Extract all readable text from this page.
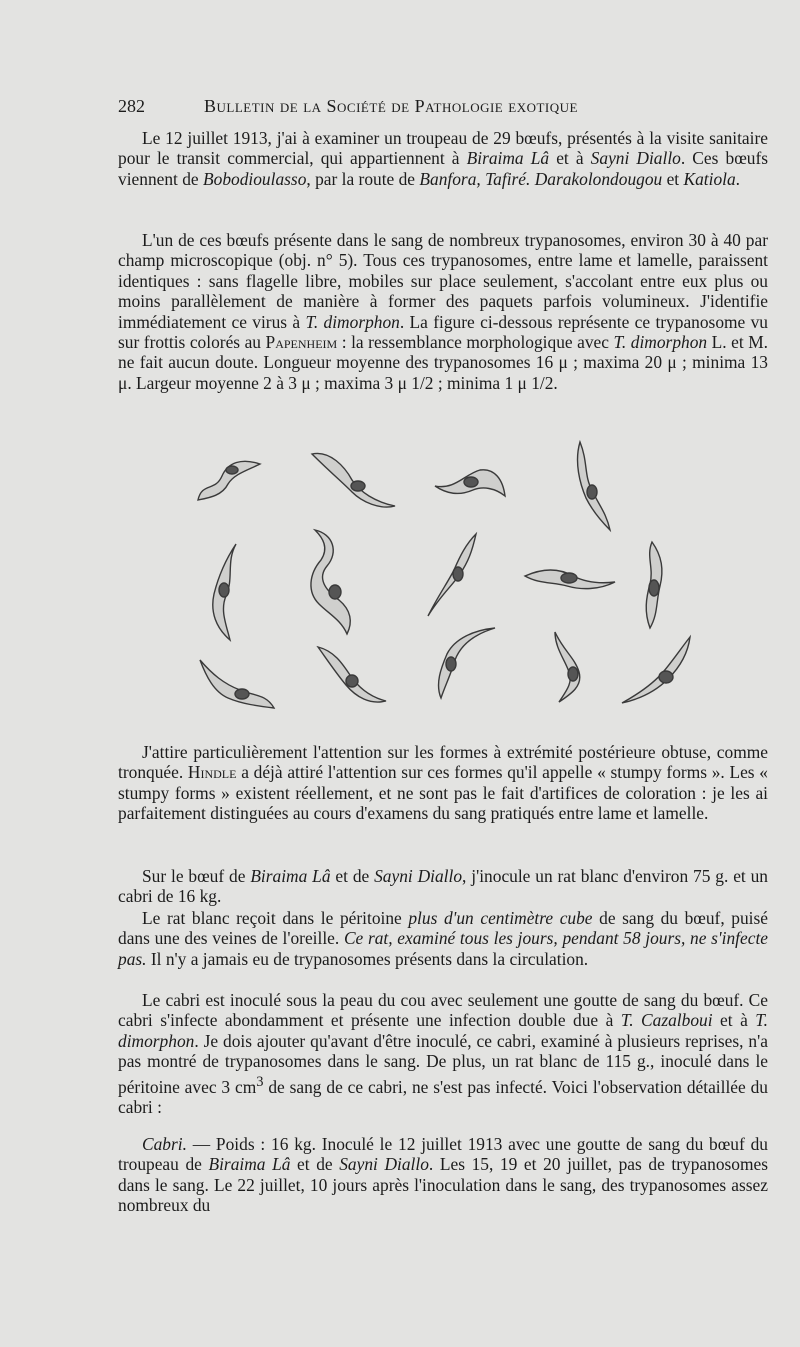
282	Bulletin de la Société de Pathologie exotique

Le 12 juillet 1913, j'ai à examiner un troupeau de 29 bœufs, présentés à la visite sanitaire pour le transit commercial, qui appartiennent à Biraima Lâ et à Sayni Diallo. Ces bœufs viennent de Bobodioulasso, par la route de Banfora, Tafiré. Darakolondougou et Katiola.

L'un de ces bœufs présente dans le sang de nombreux trypanosomes, environ 30 à 40 par champ microscopique (obj. n° 5). Tous ces trypanosomes, entre lame et lamelle, paraissent identiques : sans flagelle libre, mobiles sur place seulement, s'accolant entre eux plus ou moins parallèlement de manière à former des paquets parfois volumineux. J'identifie immédiatement ce virus à T. dimorphon. La figure ci-dessous représente ce trypanosome vu sur frottis colorés au Papenheim : la ressemblance morphologique avec T. dimorphon L. et M. ne fait aucun doute. Longueur moyenne des trypanosomes 16 μ ; maxima 20 μ ; minima 13 μ. Largeur moyenne 2 à 3 μ ; maxima 3 μ 1/2 ; minima 1 μ 1/2.

J'attire particulièrement l'attention sur les formes à extrémité postérieure obtuse, comme tronquée. Hindle a déjà attiré l'attention sur ces formes qu'il appelle « stumpy forms ». Les « stumpy forms » existent réellement, et ne sont pas le fait d'artifices de coloration : je les ai parfaitement distinguées au cours d'examens du sang pratiqués entre lame et lamelle.

Sur le bœuf de Biraima Lâ et de Sayni Diallo, j'inocule un rat blanc d'environ 75 g. et un cabri de 16 kg.

Le rat blanc reçoit dans le péritoine plus d'un centimètre cube de sang du bœuf, puisé dans une des veines de l'oreille. Ce rat, examiné tous les jours, pendant 58 jours, ne s'infecte pas. Il n'y a jamais eu de trypanosomes présents dans la circulation.

Le cabri est inoculé sous la peau du cou avec seulement une goutte de sang du bœuf. Ce cabri s'infecte abondamment et présente une infection double due à T. Cazalboui et à T. dimorphon. Je dois ajouter qu'avant d'être inoculé, ce cabri, examiné à plusieurs reprises, n'a pas montré de trypanosomes dans le sang. De plus, un rat blanc de 115 g., inoculé dans le péritoine avec 3 $cm^3$ de sang de ce cabri, ne s'est pas infecté. Voici l'observation détaillée du cabri :

Cabri. — Poids : 16 kg. Inoculé le 12 juillet 1913 avec une goutte de sang du bœuf du troupeau de Biraima Lâ et de Sayni Diallo. Les 15, 19 et 20 juillet, pas de trypanosomes dans le sang. Le 22 juillet, 10 jours après l'inoculation dans le sang, des trypanosomes assez nombreux du
